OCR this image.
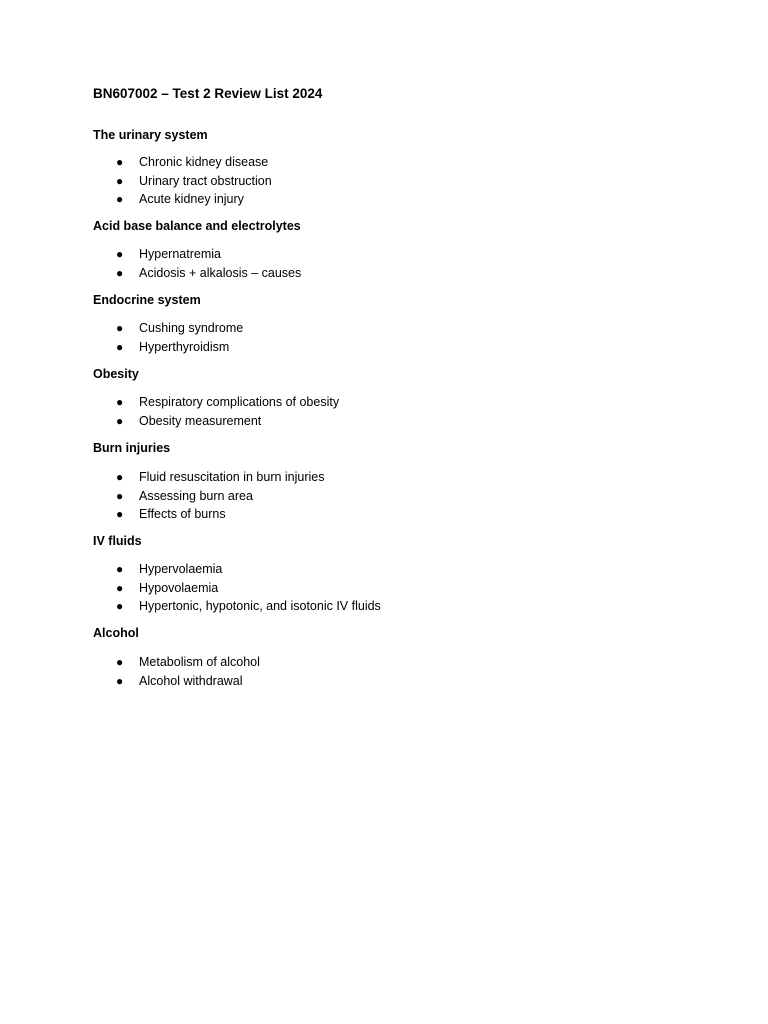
BN607002 – Test 2 Review List 2024
The urinary system
● Chronic kidney disease
● Urinary tract obstruction
● Acute kidney injury
Acid base balance and electrolytes
● Hypernatremia
● Acidosis + alkalosis – causes
Endocrine system
● Cushing syndrome
● Hyperthyroidism
Obesity
● Respiratory complications of obesity
● Obesity measurement
Burn injuries
● Fluid resuscitation in burn injuries
● Assessing burn area
● Effects of burns
IV fluids
● Hypervolaemia
● Hypovolaemia
● Hypertonic, hypotonic, and isotonic IV fluids
Alcohol
● Metabolism of alcohol
● Alcohol withdrawal
